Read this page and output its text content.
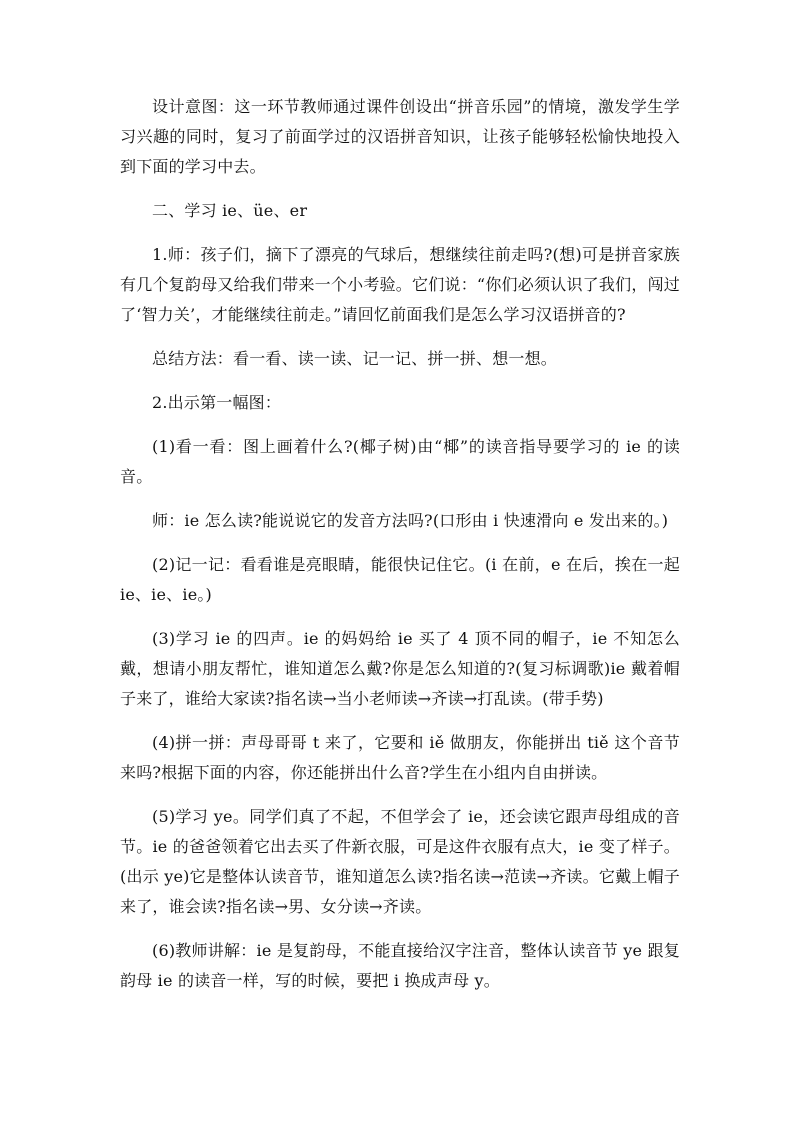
设计意图：这一环节教师通过课件创设出“拼音乐园”的情境，激发学生学习兴趣的同时，复习了前面学过的汉语拼音知识，让孩子能够轻松愉快地投入到下面的学习中去。

二、学习 ie、üe、er

1.师：孩子们，摘下了漂亮的气球后，想继续往前走吗?(想)可是拼音家族有几个复韵母又给我们带来一个小考验。它们说：“你们必须认识了我们，闯过了‘智力关’，才能继续往前走。”请回忆前面我们是怎么学习汉语拼音的?

总结方法：看一看、读一读、记一记、拼一拼、想一想。

2.出示第一幅图：

(1)看一看：图上画着什么?(椰子树)由“椰”的读音指导要学习的 ie 的读音。

师：ie 怎么读?能说说它的发音方法吗?(口形由 i 快速滑向 e 发出来的。)

(2)记一记：看看谁是亮眼睛，能很快记住它。(i 在前，e 在后，挨在一起 ie、ie、ie。)

(3)学习 ie 的四声。ie 的妈妈给 ie 买了 4 顶不同的帽子，ie 不知怎么戴，想请小朋友帮忙，谁知道怎么戴?你是怎么知道的?(复习标调歌)ie 戴着帽子来了，谁给大家读?指名读→当小老师读→齐读→打乱读。(带手势)

(4)拼一拼：声母哥哥 t 来了，它要和 iě 做朋友，你能拼出 tiě 这个音节来吗?根据下面的内容，你还能拼出什么音?学生在小组内自由拼读。

(5)学习 ye。同学们真了不起，不但学会了 ie，还会读它跟声母组成的音节。ie 的爸爸领着它出去买了件新衣服，可是这件衣服有点大，ie 变了样子。(出示 ye)它是整体认读音节，谁知道怎么读?指名读→范读→齐读。它戴上帽子来了，谁会读?指名读→男、女分读→齐读。

(6)教师讲解：ie 是复韵母，不能直接给汉字注音，整体认读音节 ye 跟复韵母 ie 的读音一样，写的时候，要把 i 换成声母 y。
